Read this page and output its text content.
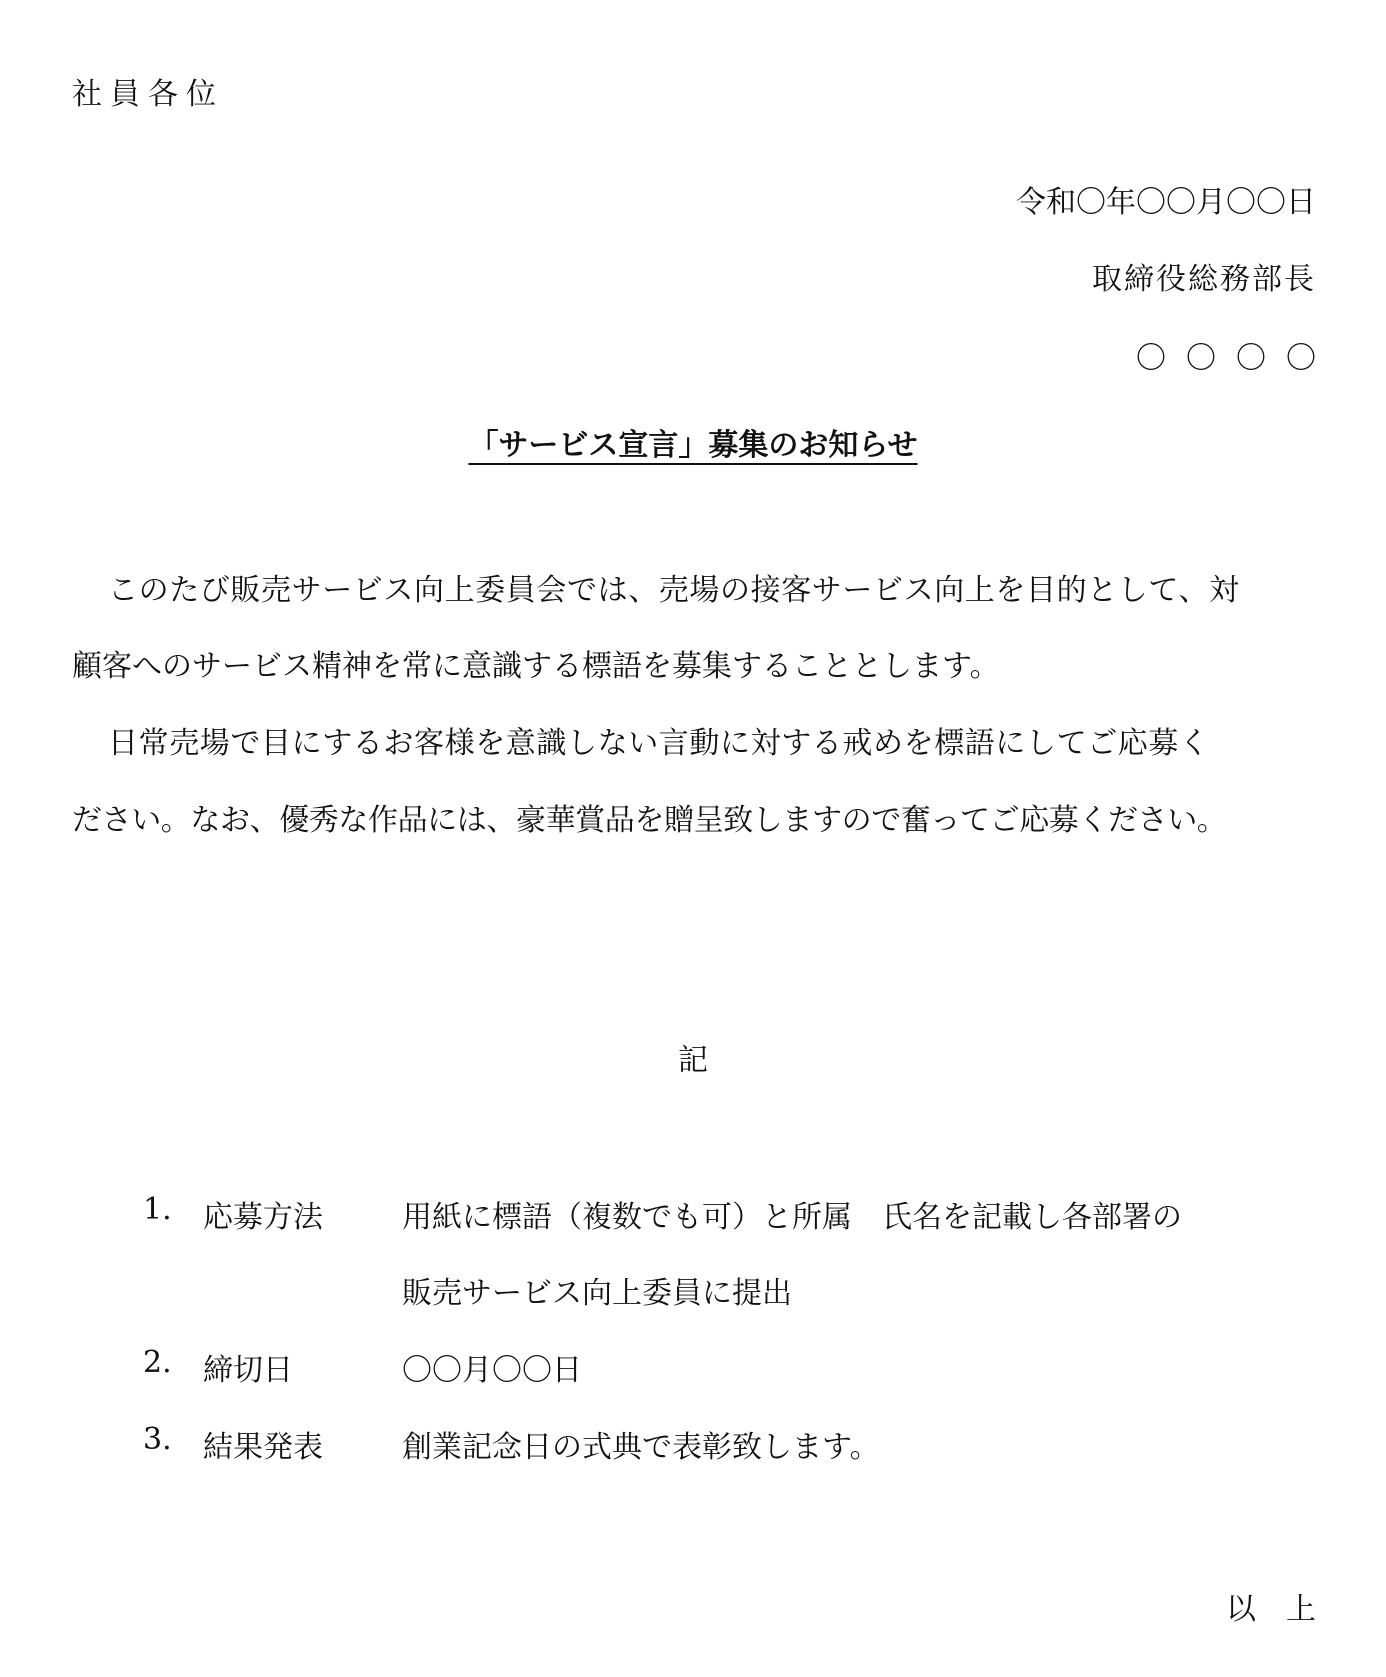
社員各位
令和〇年〇〇月〇〇日
取締役総務部長
〇〇〇〇
「サービス宣言」募集のお知らせ
このたび販売サービス向上委員会では、売場の接客サービス向上を目的として、対
顧客へのサービス精神を常に意識する標語を募集することとします。
日常売場で目にするお客様を意識しない言動に対する戒めを標語にしてご応募く
ださい。なお、優秀な作品には、豪華賞品を贈呈致しますので奮ってご応募ください。
記
1. 応募方法	用紙に標語（複数でも可）と所属　氏名を記載し各部署の
販売サービス向上委員に提出
2. 締切日	〇〇月〇〇日
3. 結果発表	創業記念日の式典で表彰致します。
以上
